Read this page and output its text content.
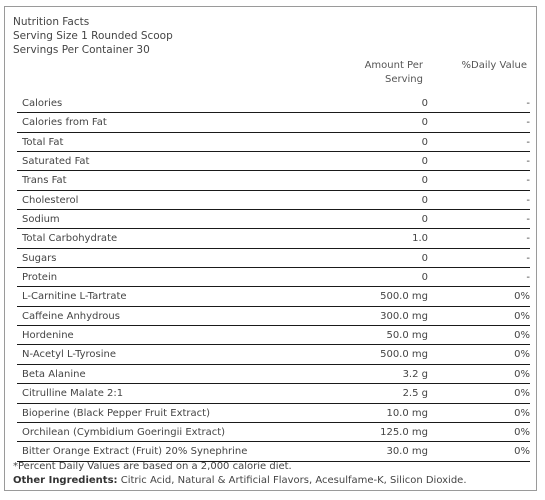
Nutrition Facts
Serving Size 1 Rounded Scoop
Servings Per Container 30
Amount Per
Serving
%Daily Value
Calories	0	-
Calories from Fat	0	-
Total Fat	0	-
Saturated Fat	0	-
Trans Fat	0	-
Cholesterol	0	-
Sodium	0	-
Total Carbohydrate	1.0	-
Sugars	0	-
Protein	0	-
L-Carnitine L-Tartrate	500.0 mg	0%
Caffeine Anhydrous	300.0 mg	0%
Hordenine	50.0 mg	0%
N-Acetyl L-Tyrosine	500.0 mg	0%
Beta Alanine	3.2 g	0%
Citrulline Malate 2:1	2.5 g	0%
Bioperine (Black Pepper Fruit Extract)	10.0 mg	0%
Orchilean (Cymbidium Goeringii Extract)	125.0 mg	0%
Bitter Orange Extract (Fruit) 20% Synephrine	30.0 mg	0%
*Percent Daily Values are based on a 2,000 calorie diet.
Other Ingredients: Citric Acid, Natural & Artificial Flavors, Acesulfame-K, Silicon Dioxide.
